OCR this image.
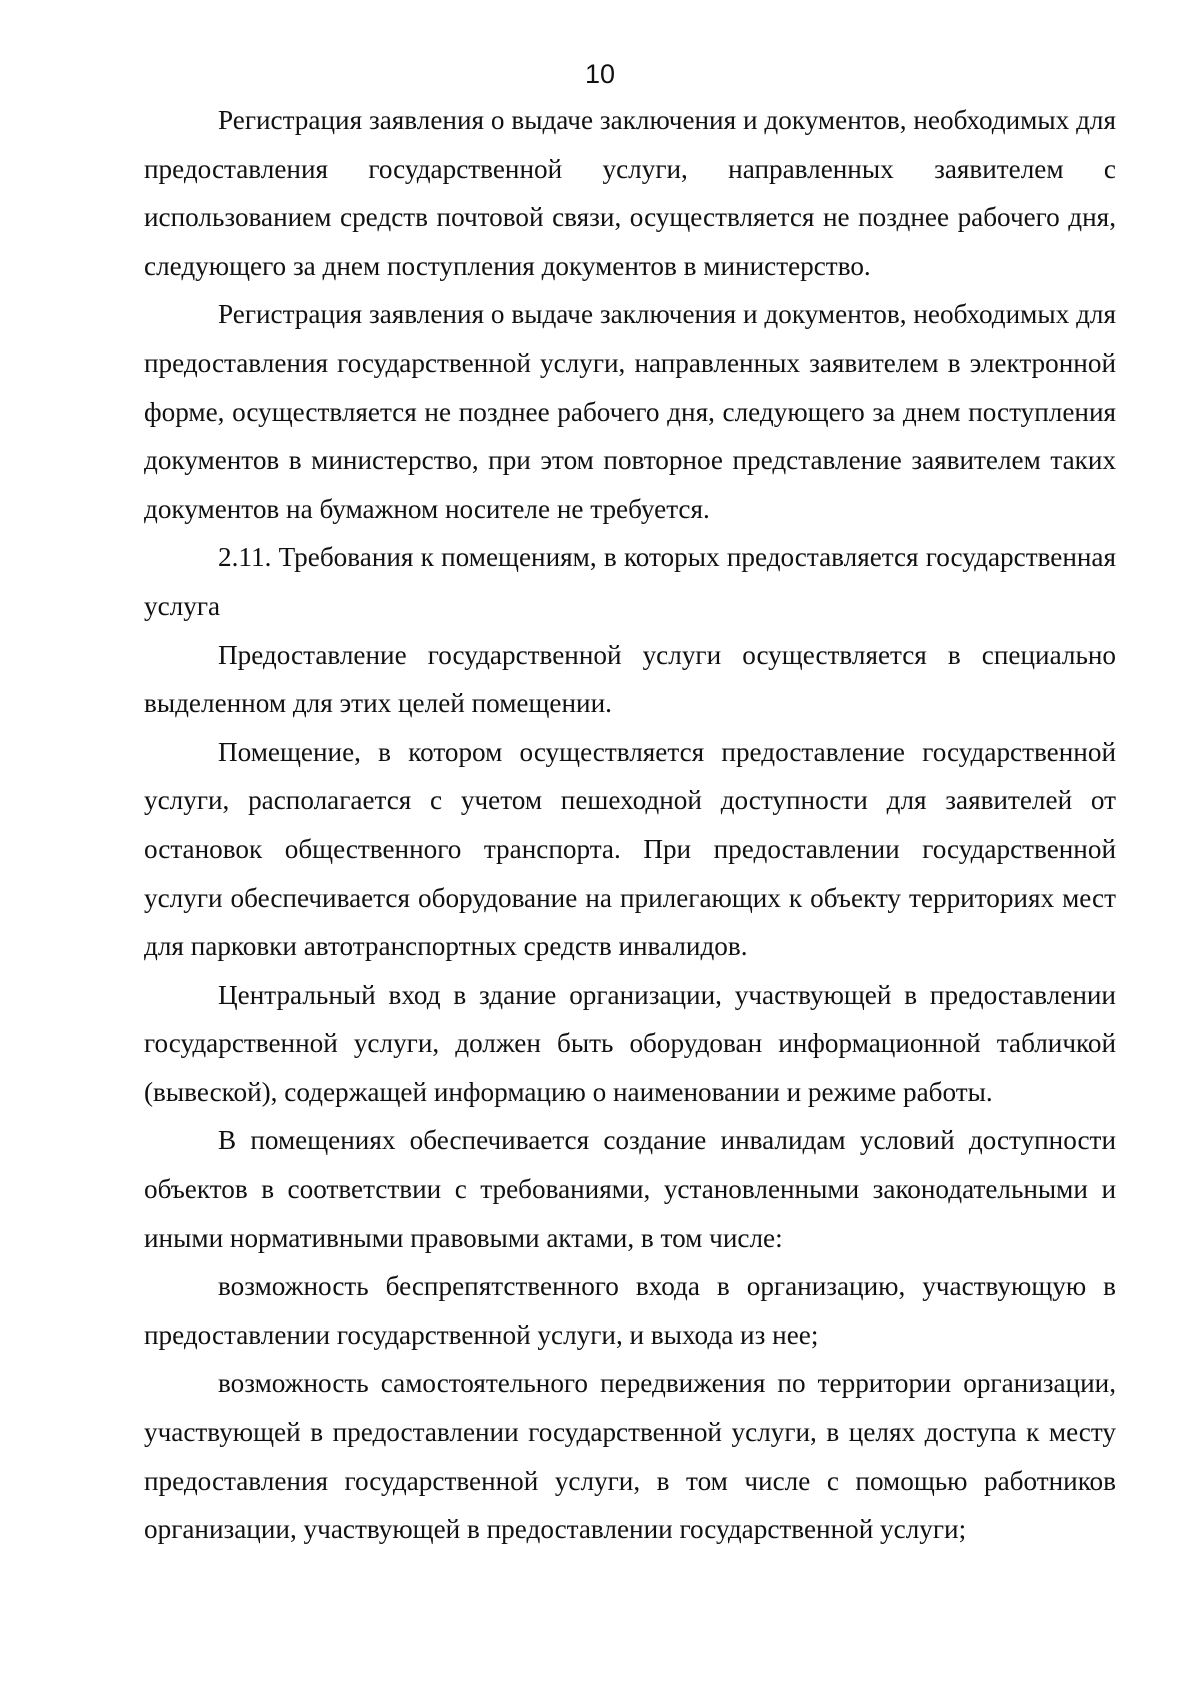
10

Регистрация заявления о выдаче заключения и документов, необходимых для предоставления государственной услуги, направленных заявителем с использованием средств почтовой связи, осуществляется не позднее рабочего дня, следующего за днем поступления документов в министерство.

Регистрация заявления о выдаче заключения и документов, необходимых для предоставления государственной услуги, направленных заявителем в электронной форме, осуществляется не позднее рабочего дня, следующего за днем поступления документов в министерство, при этом повторное представление заявителем таких документов на бумажном носителе не требуется.

2.11. Требования к помещениям, в которых предоставляется государственная услуга

Предоставление государственной услуги осуществляется в специально выделенном для этих целей помещении.

Помещение, в котором осуществляется предоставление государственной услуги, располагается с учетом пешеходной доступности для заявителей от остановок общественного транспорта. При предоставлении государственной услуги обеспечивается оборудование на прилегающих к объекту территориях мест для парковки автотранспортных средств инвалидов.

Центральный вход в здание организации, участвующей в предоставлении государственной услуги, должен быть оборудован информационной табличкой (вывеской), содержащей информацию о наименовании и режиме работы.

В помещениях обеспечивается создание инвалидам условий доступности объектов в соответствии с требованиями, установленными законодательными и иными нормативными правовыми актами, в том числе:

возможность беспрепятственного входа в организацию, участвующую в предоставлении государственной услуги, и выхода из нее;

возможность самостоятельного передвижения по территории организации, участвующей в предоставлении государственной услуги, в целях доступа к месту предоставления государственной услуги, в том числе с помощью работников организации, участвующей в предоставлении государственной услуги;
